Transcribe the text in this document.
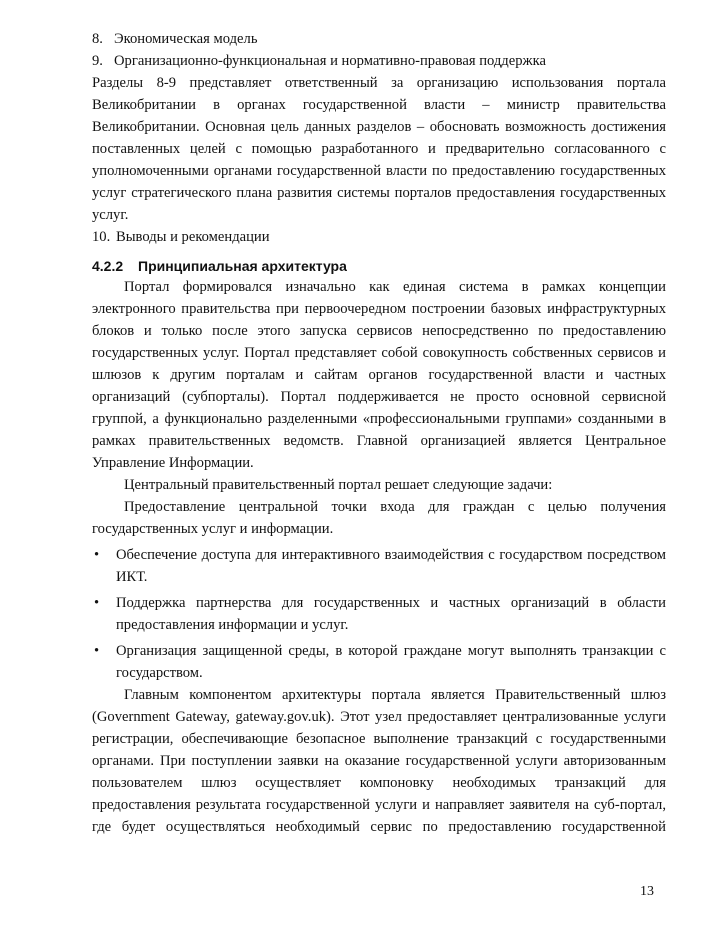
8. Экономическая модель
9. Организационно-функциональная и нормативно-правовая поддержка
Разделы 8-9 представляет ответственный за организацию использования портала
Великобритании в органах государственной власти – министр правительства
Великобритании. Основная цель данных разделов – обосновать возможность достижения
поставленных целей с помощью разработанного и предварительно согласованного с
уполномоченными органами государственной власти по предоставлению государственных
услуг стратегического плана развития системы порталов предоставления государственных
услуг.
10. Выводы и рекомендации
4.2.2 Принципиальная архитектура
Портал формировался изначально как единая система в рамках концепции
электронного правительства при первоочередном построении базовых инфраструктурных
блоков и только после этого запуска сервисов непосредственно по предоставлению
государственных услуг. Портал представляет собой совокупность собственных сервисов и
шлюзов к другим порталам и сайтам органов государственной власти и частных
организаций (субпорталы). Портал поддерживается не просто основной сервисной
группой, а функционально разделенными «профессиональными группами» созданными в
рамках правительственных ведомств. Главной организацией является Центральное
Управление Информации.
Центральный правительственный портал решает следующие задачи:
Предоставление центральной точки входа для граждан с целью получения
государственных услуг и информации.
•	Обеспечение доступа для интерактивного взаимодействия с государством посредством
ИКТ.
•	Поддержка партнерства для государственных и частных организаций в области
предоставления информации и услуг.
•	Организация защищенной среды, в которой граждане могут выполнять транзакции с
государством.
Главным компонентом архитектуры портала является Правительственный шлюз
(Government Gateway, gateway.gov.uk). Этот узел предоставляет централизованные услуги
регистрации, обеспечивающие безопасное выполнение транзакций с государственными
органами. При поступлении заявки на оказание государственной услуги авторизованным
пользователем шлюз осуществляет компоновку необходимых транзакций для
предоставления результата государственной услуги и направляет заявителя на суб-портал,
где будет осуществляться необходимый сервис по предоставлению государственной
13
